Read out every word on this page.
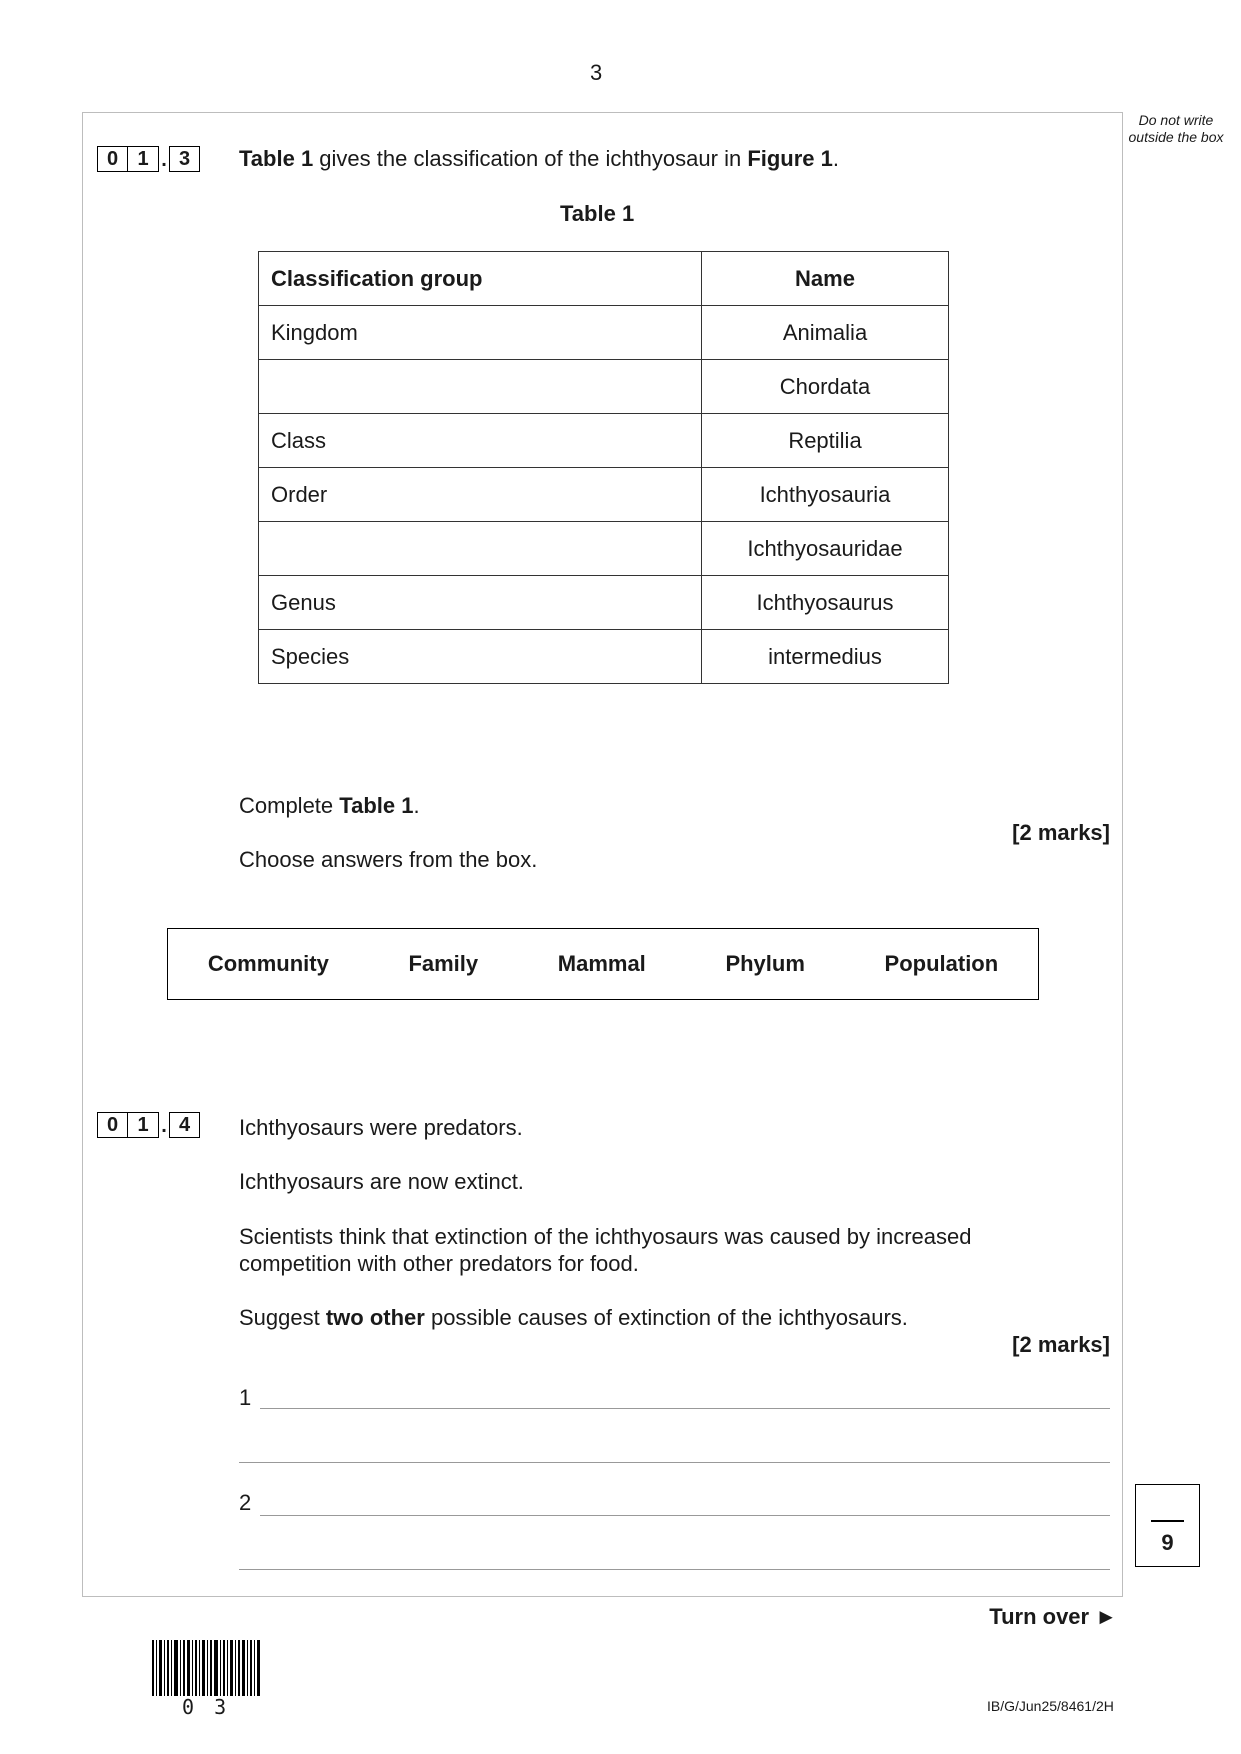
3
Do not write outside the box
0 1 . 3	Table 1 gives the classification of the ichthyosaur in Figure 1.
Table 1
Classification group	Name
Kingdom	Animalia
	Chordata
Class	Reptilia
Order	Ichthyosauria
	Ichthyosauridae
Genus	Ichthyosaurus
Species	intermedius
Complete Table 1.
[2 marks]
Choose answers from the box.
Community	Family	Mammal	Phylum	Population
0 1 . 4	Ichthyosaurs were predators.
Ichthyosaurs are now extinct.
Scientists think that extinction of the ichthyosaurs was caused by increased competition with other predators for food.
Suggest two other possible causes of extinction of the ichthyosaurs.
[2 marks]
1
2
9
Turn over ►
0 3	IB/G/Jun25/8461/2H
